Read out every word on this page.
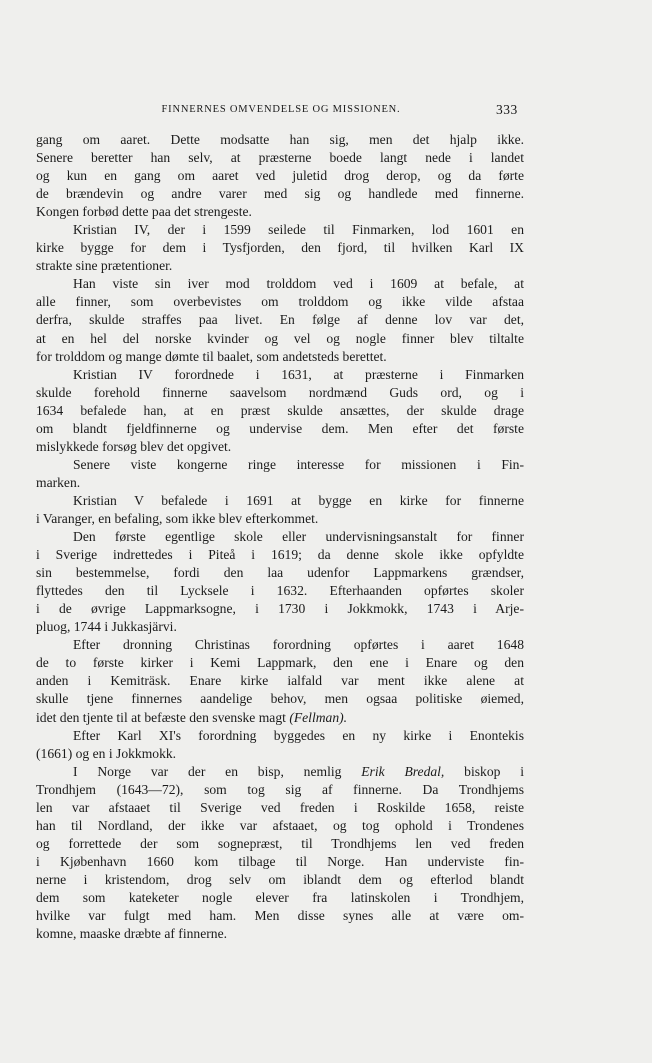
FINNERNES OMVENDELSE OG MISSIONEN.	333
gang om aaret. Dette modsatte han sig, men det hjalp ikke.
Senere beretter han selv, at præsterne boede langt nede i landet
og kun en gang om aaret ved juletid drog derop, og da førte
de brændevin og andre varer med sig og handlede med finnerne.
Kongen forbød dette paa det strengeste.
Kristian IV, der i 1599 seilede til Finmarken, lod 1601 en
kirke bygge for dem i Tysfjorden, den fjord, til hvilken Karl IX
strakte sine prætentioner.
Han viste sin iver mod trolddom ved i 1609 at befale, at
alle finner, som overbevistes om trolddom og ikke vilde afstaa
derfra, skulde straffes paa livet. En følge af denne lov var det,
at en hel del norske kvinder og vel og nogle finner blev tiltalte
for trolddom og mange dømte til baalet, som andetsteds berettet.
Kristian IV forordnede i 1631, at præsterne i Finmarken
skulde forehold finnerne saavelsom nordmænd Guds ord, og i
1634 befalede han, at en præst skulde ansættes, der skulde drage
om blandt fjeldfinnerne og undervise dem. Men efter det første
mislykkede forsøg blev det opgivet.
Senere viste kongerne ringe interesse for missionen i Fin-
marken.
Kristian V befalede i 1691 at bygge en kirke for finnerne
i Varanger, en befaling, som ikke blev efterkommet.
Den første egentlige skole eller undervisningsanstalt for finner
i Sverige indrettedes i Piteå i 1619; da denne skole ikke opfyldte
sin bestemmelse, fordi den laa udenfor Lappmarkens grændser,
flyttedes den til Lycksele i 1632. Efterhaanden opførtes skoler
i de øvrige Lappmarksogne, i 1730 i Jokkmokk, 1743 i Arje-
pluog, 1744 i Jukkasjärvi.
Efter dronning Christinas forordning opførtes i aaret 1648
de to første kirker i Kemi Lappmark, den ene i Enare og den
anden i Kemiträsk. Enare kirke ialfald var ment ikke alene at
skulle tjene finnernes aandelige behov, men ogsaa politiske øiemed,
idet den tjente til at befæste den svenske magt (Fellman).
Efter Karl XI's forordning byggedes en ny kirke i Enontekis
(1661) og en i Jokkmokk.
I Norge var der en bisp, nemlig Erik Bredal, biskop i
Trondhjem (1643—72), som tog sig af finnerne. Da Trondhjems
len var afstaaet til Sverige ved freden i Roskilde 1658, reiste
han til Nordland, der ikke var afstaaet, og tog ophold i Trondenes
og forrettede der som sognepræst, til Trondhjems len ved freden
i Kjøbenhavn 1660 kom tilbage til Norge. Han underviste fin-
nerne i kristendom, drog selv om iblandt dem og efterlod blandt
dem som kateketer nogle elever fra latinskolen i Trondhjem,
hvilke var fulgt med ham. Men disse synes alle at være om-
komne, maaske dræbte af finnerne.
